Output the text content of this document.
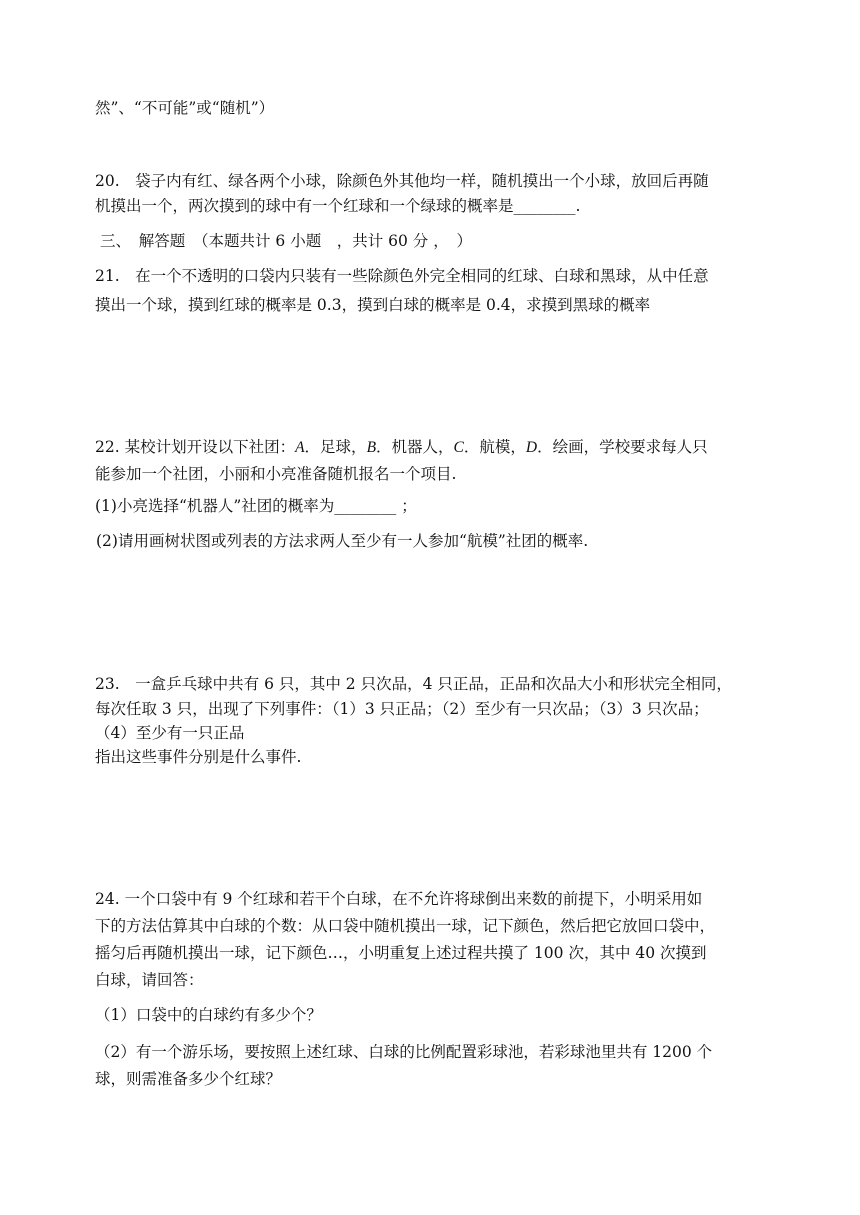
然”、“不可能”或“随机”）
20.　袋子内有红、绿各两个小球，除颜色外其他均一样，随机摸出一个小球，放回后再随
机摸出一个，两次摸到的球中有一个红球和一个绿球的概率是________.
三、　解答题　（本题共计 6 小题　，共计 60 分 ，　）
21.　在一个不透明的口袋内只装有一些除颜色外完全相同的红球、白球和黑球，从中任意
摸出一个球，摸到红球的概率是 0.3，摸到白球的概率是 0.4，求摸到黑球的概率
22. 某校计划开设以下社团：A．足球，B．机器人，C．航模，D．绘画，学校要求每人只
能参加一个社团，小丽和小亮准备随机报名一个项目.
(1)小亮选择“机器人”社团的概率为________ ；
(2)请用画树状图或列表的方法求两人至少有一人参加“航模”社团的概率.
23.　一盒乒乓球中共有 6 只，其中 2 只次品，4 只正品，正品和次品大小和形状完全相同，
每次任取 3 只，出现了下列事件：（1）3 只正品；（2）至少有一只次品；（3）3 只次品；
（4）至少有一只正品
指出这些事件分别是什么事件.
24. 一个口袋中有 9 个红球和若干个白球，在不允许将球倒出来数的前提下，小明采用如
下的方法估算其中白球的个数：从口袋中随机摸出一球，记下颜色，然后把它放回口袋中，
摇匀后再随机摸出一球，记下颜色…，小明重复上述过程共摸了 100 次，其中 40 次摸到
白球，请回答：
（1）口袋中的白球约有多少个？
（2）有一个游乐场，要按照上述红球、白球的比例配置彩球池，若彩球池里共有 1200 个
球，则需准备多少个红球？
